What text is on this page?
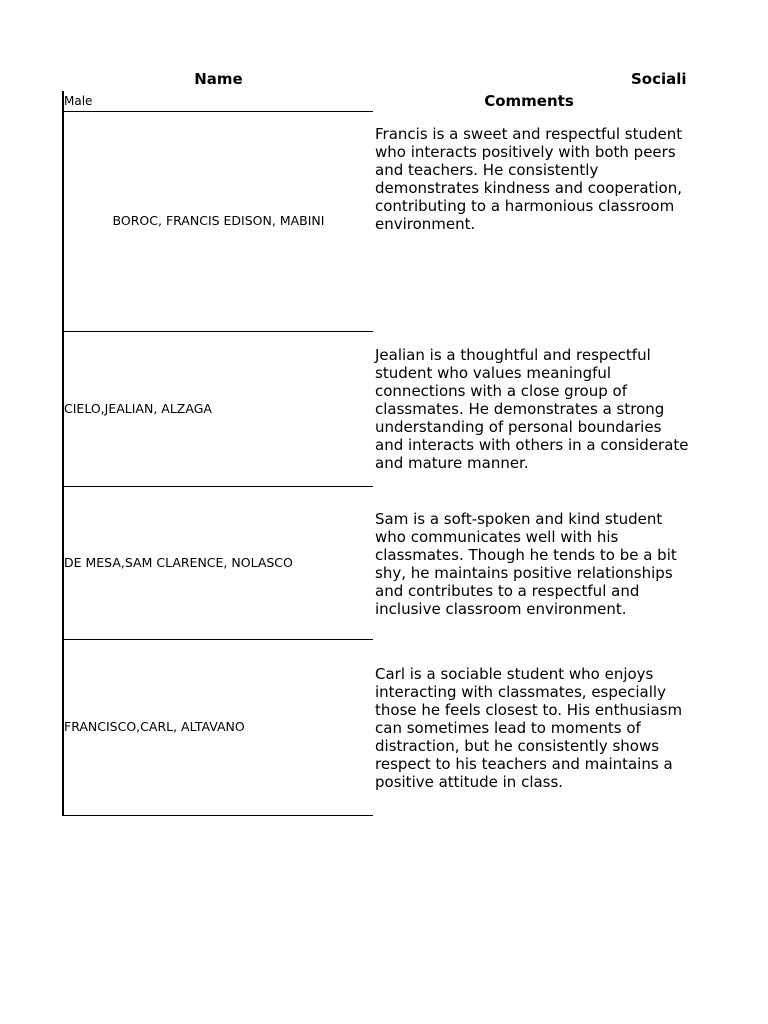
Name	Sociali
Male	Comments
BOROC, FRANCIS EDISON, MABINI
Francis is a sweet and respectful student who interacts positively with both peers and teachers. He consistently demonstrates kindness and cooperation, contributing to a harmonious classroom environment.
CIELO,JEALIAN, ALZAGA
Jealian is a thoughtful and respectful student who values meaningful connections with a close group of classmates. He demonstrates a strong understanding of personal boundaries and interacts with others in a considerate and mature manner.
DE MESA,SAM CLARENCE, NOLASCO
Sam is a soft-spoken and kind student who communicates well with his classmates. Though he tends to be a bit shy, he maintains positive relationships and contributes to a respectful and inclusive classroom environment.
FRANCISCO,CARL, ALTAVANO
Carl is a sociable student who enjoys interacting with classmates, especially those he feels closest to. His enthusiasm can sometimes lead to moments of distraction, but he consistently shows respect to his teachers and maintains a positive attitude in class.
